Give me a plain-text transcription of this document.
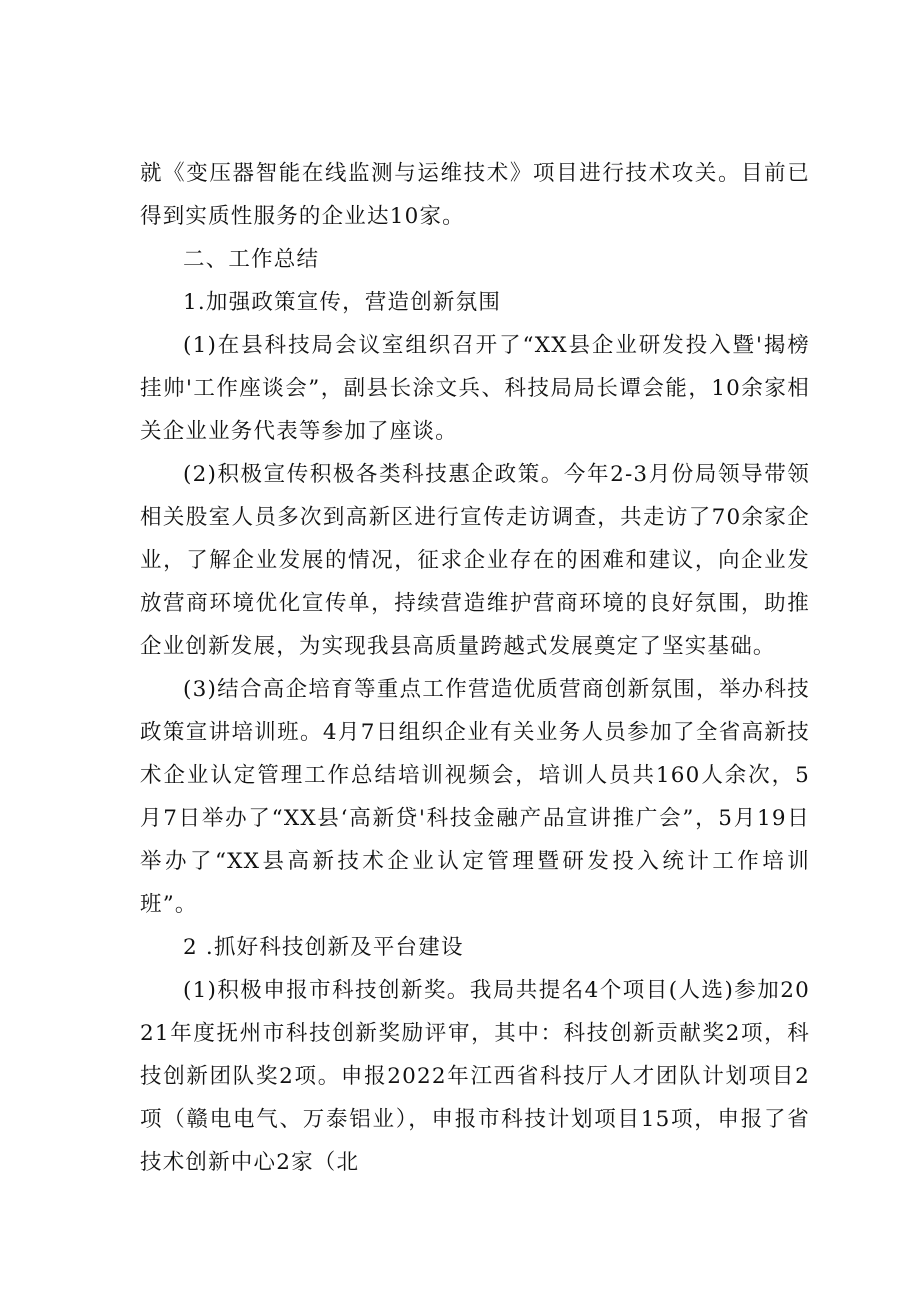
就《变压器智能在线监测与运维技术》项目进行技术攻关。目前已得到实质性服务的企业达10家。

二、工作总结

1.加强政策宣传，营造创新氛围

(1)在县科技局会议室组织召开了“XX县企业研发投入暨'揭榜挂帅'工作座谈会”，副县长涂文兵、科技局局长谭会能，10余家相关企业业务代表等参加了座谈。

(2)积极宣传积极各类科技惠企政策。今年2-3月份局领导带领相关股室人员多次到高新区进行宣传走访调查，共走访了70余家企业，了解企业发展的情况，征求企业存在的困难和建议，向企业发放营商环境优化宣传单，持续营造维护营商环境的良好氛围，助推企业创新发展，为实现我县高质量跨越式发展奠定了坚实基础。

(3)结合高企培育等重点工作营造优质营商创新氛围，举办科技政策宣讲培训班。4月7日组织企业有关业务人员参加了全省高新技术企业认定管理工作总结培训视频会，培训人员共160人余次，5月7日举办了“XX县‘高新贷'科技金融产品宣讲推广会”，5月19日举办了“XX县高新技术企业认定管理暨研发投入统计工作培训班”。

2 .抓好科技创新及平台建设

(1)积极申报市科技创新奖。我局共提名4个项目(人选)参加2021年度抚州市科技创新奖励评审，其中：科技创新贡献奖2项，科技创新团队奖2项。申报2022年江西省科技厅人才团队计划项目2项（赣电电气、万泰铝业），申报市科技计划项目15项，申报了省技术创新中心2家（北
